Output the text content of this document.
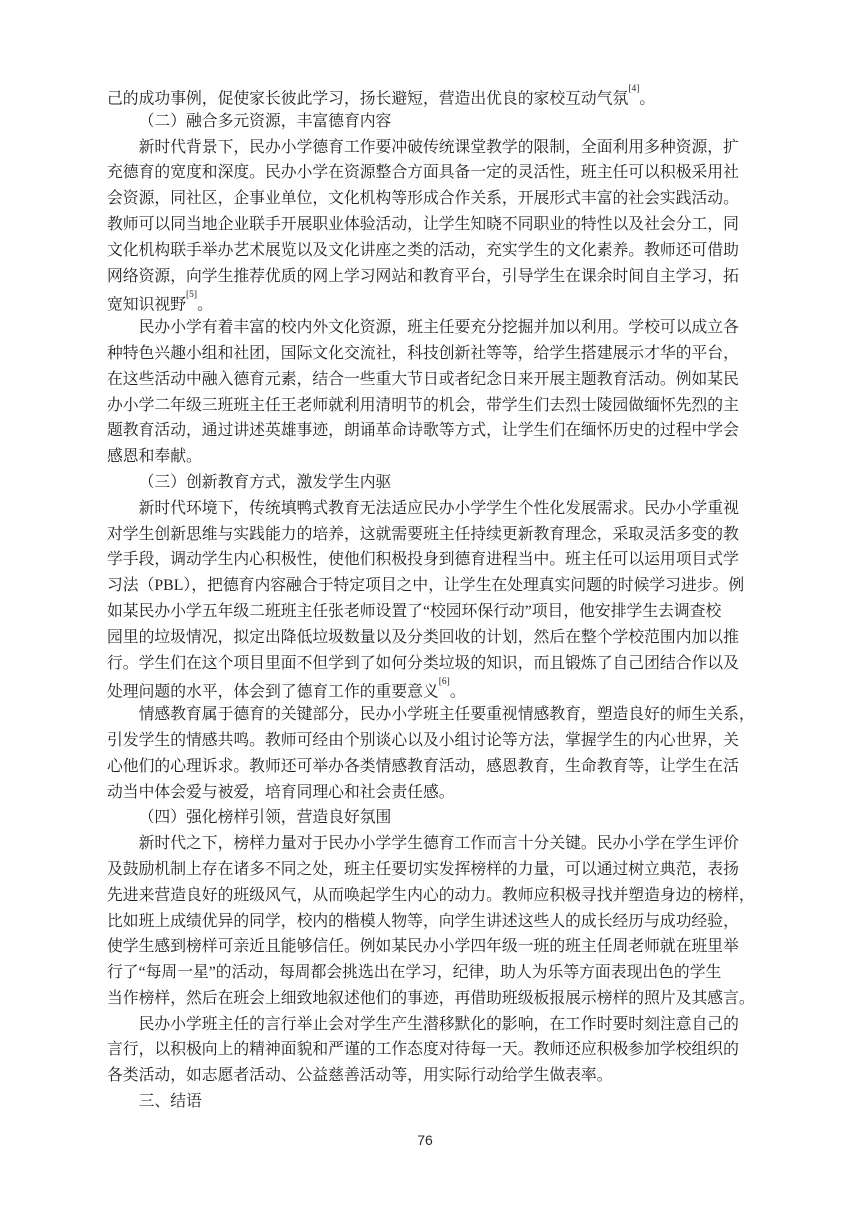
己的成功事例，促使家长彼此学习，扬长避短，营造出优良的家校互动气氛[4]。
（二）融合多元资源，丰富德育内容
新时代背景下，民办小学德育工作要冲破传统课堂教学的限制，全面利用多种资源，扩
充德育的宽度和深度。民办小学在资源整合方面具备一定的灵活性，班主任可以积极采用社
会资源，同社区，企事业单位，文化机构等形成合作关系，开展形式丰富的社会实践活动。
教师可以同当地企业联手开展职业体验活动，让学生知晓不同职业的特性以及社会分工，同
文化机构联手举办艺术展览以及文化讲座之类的活动，充实学生的文化素养。教师还可借助
网络资源，向学生推荐优质的网上学习网站和教育平台，引导学生在课余时间自主学习，拓
宽知识视野[5]。
民办小学有着丰富的校内外文化资源，班主任要充分挖掘并加以利用。学校可以成立各
种特色兴趣小组和社团，国际文化交流社，科技创新社等等，给学生搭建展示才华的平台，
在这些活动中融入德育元素，结合一些重大节日或者纪念日来开展主题教育活动。例如某民
办小学二年级三班班主任王老师就利用清明节的机会，带学生们去烈士陵园做缅怀先烈的主
题教育活动，通过讲述英雄事迹，朗诵革命诗歌等方式，让学生们在缅怀历史的过程中学会
感恩和奉献。
（三）创新教育方式，激发学生内驱
新时代环境下，传统填鸭式教育无法适应民办小学学生个性化发展需求。民办小学重视
对学生创新思维与实践能力的培养，这就需要班主任持续更新教育理念，采取灵活多变的教
学手段，调动学生内心积极性，使他们积极投身到德育进程当中。班主任可以运用项目式学
习法（PBL），把德育内容融合于特定项目之中，让学生在处理真实问题的时候学习进步。例
如某民办小学五年级二班班主任张老师设置了“校园环保行动”项目，他安排学生去调查校
园里的垃圾情况，拟定出降低垃圾数量以及分类回收的计划，然后在整个学校范围内加以推
行。学生们在这个项目里面不但学到了如何分类垃圾的知识，而且锻炼了自己团结合作以及
处理问题的水平，体会到了德育工作的重要意义[6]。
情感教育属于德育的关键部分，民办小学班主任要重视情感教育，塑造良好的师生关系，
引发学生的情感共鸣。教师可经由个别谈心以及小组讨论等方法，掌握学生的内心世界，关
心他们的心理诉求。教师还可举办各类情感教育活动，感恩教育，生命教育等，让学生在活
动当中体会爱与被爱，培育同理心和社会责任感。
（四）强化榜样引领，营造良好氛围
新时代之下，榜样力量对于民办小学学生德育工作而言十分关键。民办小学在学生评价
及鼓励机制上存在诸多不同之处，班主任要切实发挥榜样的力量，可以通过树立典范，表扬
先进来营造良好的班级风气，从而唤起学生内心的动力。教师应积极寻找并塑造身边的榜样，
比如班上成绩优异的同学，校内的楷模人物等，向学生讲述这些人的成长经历与成功经验，
使学生感到榜样可亲近且能够信任。例如某民办小学四年级一班的班主任周老师就在班里举
行了“每周一星”的活动，每周都会挑选出在学习，纪律，助人为乐等方面表现出色的学生
当作榜样，然后在班会上细致地叙述他们的事迹，再借助班级板报展示榜样的照片及其感言。
民办小学班主任的言行举止会对学生产生潜移默化的影响，在工作时要时刻注意自己的
言行，以积极向上的精神面貌和严谨的工作态度对待每一天。教师还应积极参加学校组织的
各类活动，如志愿者活动、公益慈善活动等，用实际行动给学生做表率。
三、结语
76
